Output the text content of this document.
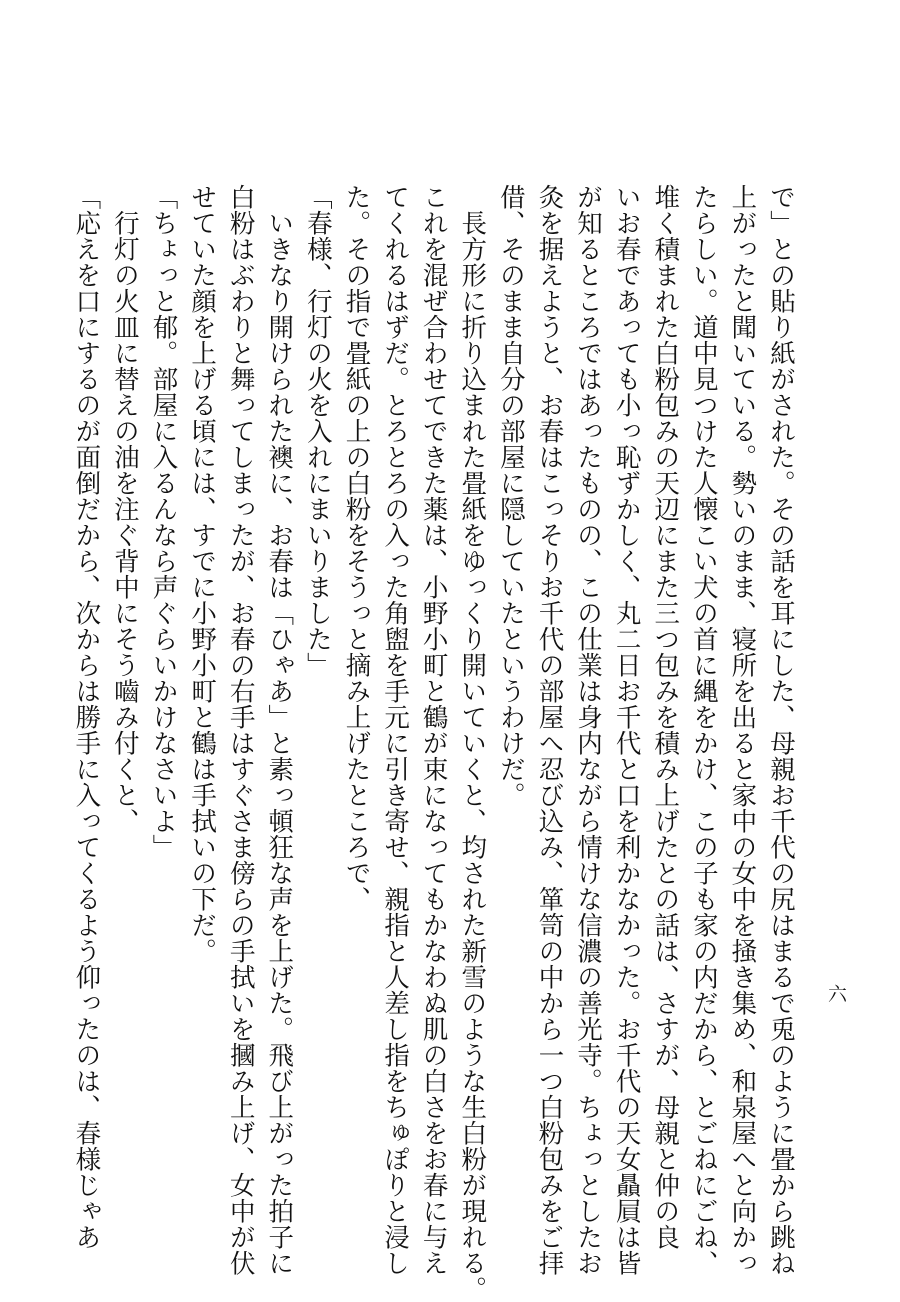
で」との貼り紙がされた。その話を耳にした、母親お千代の尻はまるで兎のように畳から跳ね

上がったと聞いている。勢いのまま、寝所を出ると家中の女中を掻き集め、和泉屋へと向かっ

たらしい。道中見つけた人懐こい犬の首に縄をかけ、この子も家の内だから、とごねにごね、

堆く積まれた白粉包みの天辺にまた三つ包みを積み上げたとの話は、さすが、母親と仲の良

いお春であっても小っ恥ずかしく、丸二日お千代と口を利かなかった。お千代の天女贔屓は皆

が知るところではあったものの、この仕業は身内ながら情けな信濃の善光寺。ちょっとしたお

灸を据えようと、お春はこっそりお千代の部屋へ忍び込み、箪笥の中から一つ白粉包みをご拝

借、そのまま自分の部屋に隠していたというわけだ。

　長方形に折り込まれた畳紙をゆっくり開いていくと、均された新雪のような生白粉が現れる。

これを混ぜ合わせてできた薬は、小野小町と鶴が束になってもかなわぬ肌の白さをお春に与え

てくれるはずだ。とろとろの入った角盥を手元に引き寄せ、親指と人差し指をちゅぽりと浸し

た。その指で畳紙の上の白粉をそうっと摘み上げたところで、

「春様、行灯の火を入れにまいりました」

　いきなり開けられた襖に、お春は「ひゃあ」と素っ頓狂な声を上げた。飛び上がった拍子に

白粉はぶわりと舞ってしまったが、お春の右手はすぐさま傍らの手拭いを摑み上げ、女中が伏

せていた顔を上げる頃には、すでに小野小町と鶴は手拭いの下だ。

「ちょっと郁。部屋に入るんなら声ぐらいかけなさいよ」

　行灯の火皿に替えの油を注ぐ背中にそう嚙み付くと、

「応えを口にするのが面倒だから、次からは勝手に入ってくるよう仰ったのは、春様じゃあ	六
